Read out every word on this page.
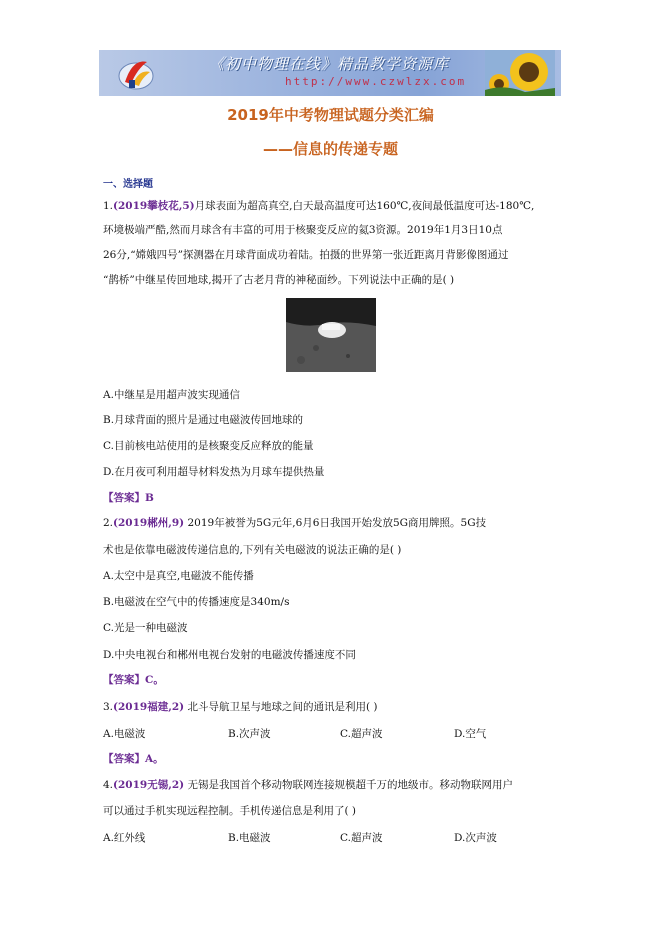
《初中物理在线》精品教学资源库
http://www.czwlzx.com
2019年中考物理试题分类汇编
——信息的传递专题
一、选择题
1.(2019攀枝花,5)月球表面为超高真空,白天最高温度可达160℃,夜间最低温度可达-180℃,
环境极端严酷,然而月球含有丰富的可用于核聚变反应的氦3资源。2019年1月3日10点
26分,“嫦娥四号”探测器在月球背面成功着陆。拍摄的世界第一张近距离月背影像图通过
“鹊桥”中继星传回地球,揭开了古老月背的神秘面纱。下列说法中正确的是( )
A.中继星是用超声波实现通信
B.月球背面的照片是通过电磁波传回地球的
C.目前核电站使用的是核聚变反应释放的能量
D.在月夜可利用超导材料发热为月球车提供热量
【答案】B
2.(2019郴州,9) 2019年被誉为5G元年,6月6日我国开始发放5G商用牌照。5G技
术也是依靠电磁波传递信息的,下列有关电磁波的说法正确的是( )
A.太空中是真空,电磁波不能传播
B.电磁波在空气中的传播速度是340m/s
C.光是一种电磁波
D.中央电视台和郴州电视台发射的电磁波传播速度不同
【答案】C。
3.(2019福建,2) 北斗导航卫星与地球之间的通讯是利用( )
A.电磁波	B.次声波	C.超声波	D.空气
【答案】A。
4.(2019无锡,2) 无锡是我国首个移动物联网连接规模超千万的地级市。移动物联网用户
可以通过手机实现远程控制。手机传递信息是利用了( )
A.红外线	B.电磁波	C.超声波	D.次声波
